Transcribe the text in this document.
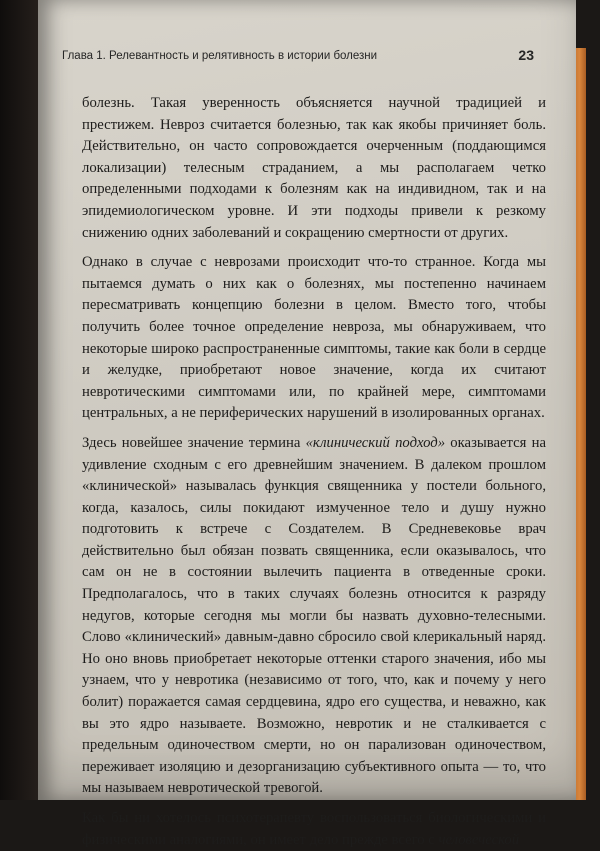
Глава 1. Релевантность и релятивность в истории болезни	23

болезнь. Такая уверенность объясняется научной традицией и престижем. Невроз считается болезнью, так как якобы причиняет боль. Действительно, он часто сопровождается очерченным (поддающимся локализации) телесным страданием, а мы располагаем четко определенными подходами к болезням как на индивидном, так и на эпидемиологическом уровне. И эти подходы привели к резкому снижению одних заболеваний и сокращению смертности от других.

Однако в случае с неврозами происходит что-то странное. Когда мы пытаемся думать о них как о болезнях, мы постепенно начинаем пересматривать концепцию болезни в целом. Вместо того, чтобы получить более точное определение невроза, мы обнаруживаем, что некоторые широко распространенные симптомы, такие как боли в сердце и желудке, приобретают новое значение, когда их считают невротическими симптомами или, по крайней мере, симптомами центральных, а не периферических нарушений в изолированных органах.

Здесь новейшее значение термина «клинический подход» оказывается на удивление сходным с его древнейшим значением. В далеком прошлом «клинической» называлась функция священника у постели больного, когда, казалось, силы покидают измученное тело и душу нужно подготовить к встрече с Создателем. В Средневековье врач действительно был обязан позвать священника, если оказывалось, что сам он не в состоянии вылечить пациента в отведенные сроки. Предполагалось, что в таких случаях болезнь относится к разряду недугов, которые сегодня мы могли бы назвать духовно-телесными. Слово «клинический» давным-давно сбросило свой клерикальный наряд. Но оно вновь приобретает некоторые оттенки старого значения, ибо мы узнаем, что у невротика (независимо от того, что, как и почему у него болит) поражается самая сердцевина, ядро его существа, и неважно, как вы это ядро называете. Возможно, невротик и не сталкивается с предельным одиночеством смерти, но он парализован одиночеством, переживает изоляцию и дезорганизацию субъективного опыта — то, что мы называем невротической тревогой.

Как бы ни хотелось психотерапевту воспользоваться биологическими и физическими аналогиями, он имеет дело прежде всего с человеческой
